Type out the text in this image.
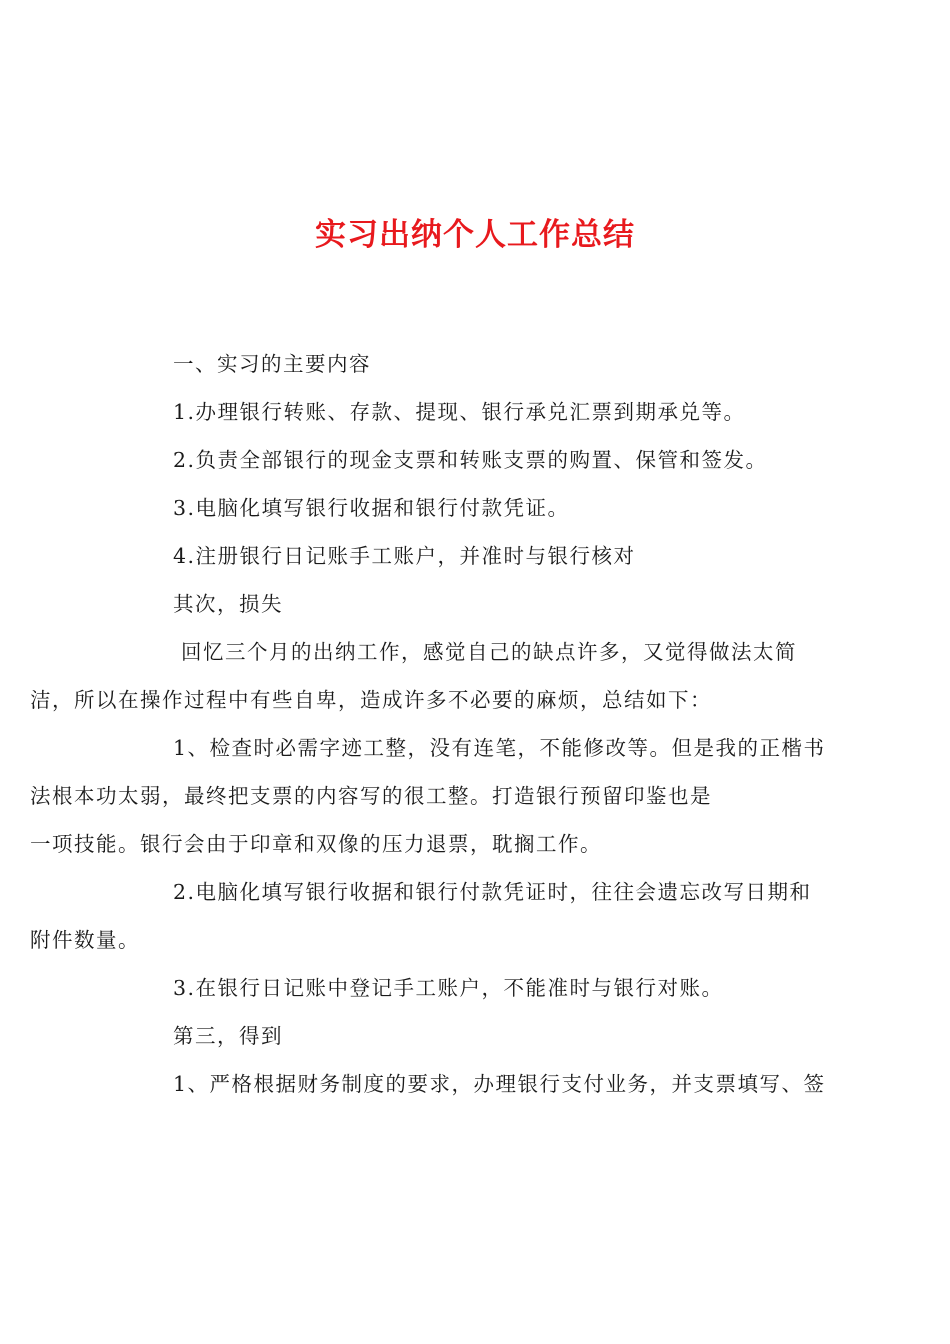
实习出纳个人工作总结

一、实习的主要内容

1.办理银行转账、存款、提现、银行承兑汇票到期承兑等。

2.负责全部银行的现金支票和转账支票的购置、保管和签发。

3.电脑化填写银行收据和银行付款凭证。

4.注册银行日记账手工账户，并准时与银行核对

其次，损失

回忆三个月的出纳工作，感觉自己的缺点许多，又觉得做法太简
洁，所以在操作过程中有些自卑，造成许多不必要的麻烦，总结如下：
1、检查时必需字迹工整，没有连笔，不能修改等。但是我的正楷书
法根本功太弱，最终把支票的内容写的很工整。打造银行预留印鉴也是
一项技能。银行会由于印章和双像的压力退票，耽搁工作。
2.电脑化填写银行收据和银行付款凭证时，往往会遗忘改写日期和
附件数量。

3.在银行日记账中登记手工账户，不能准时与银行对账。

第三，得到

1、严格根据财务制度的要求，办理银行支付业务，并支票填写、签
